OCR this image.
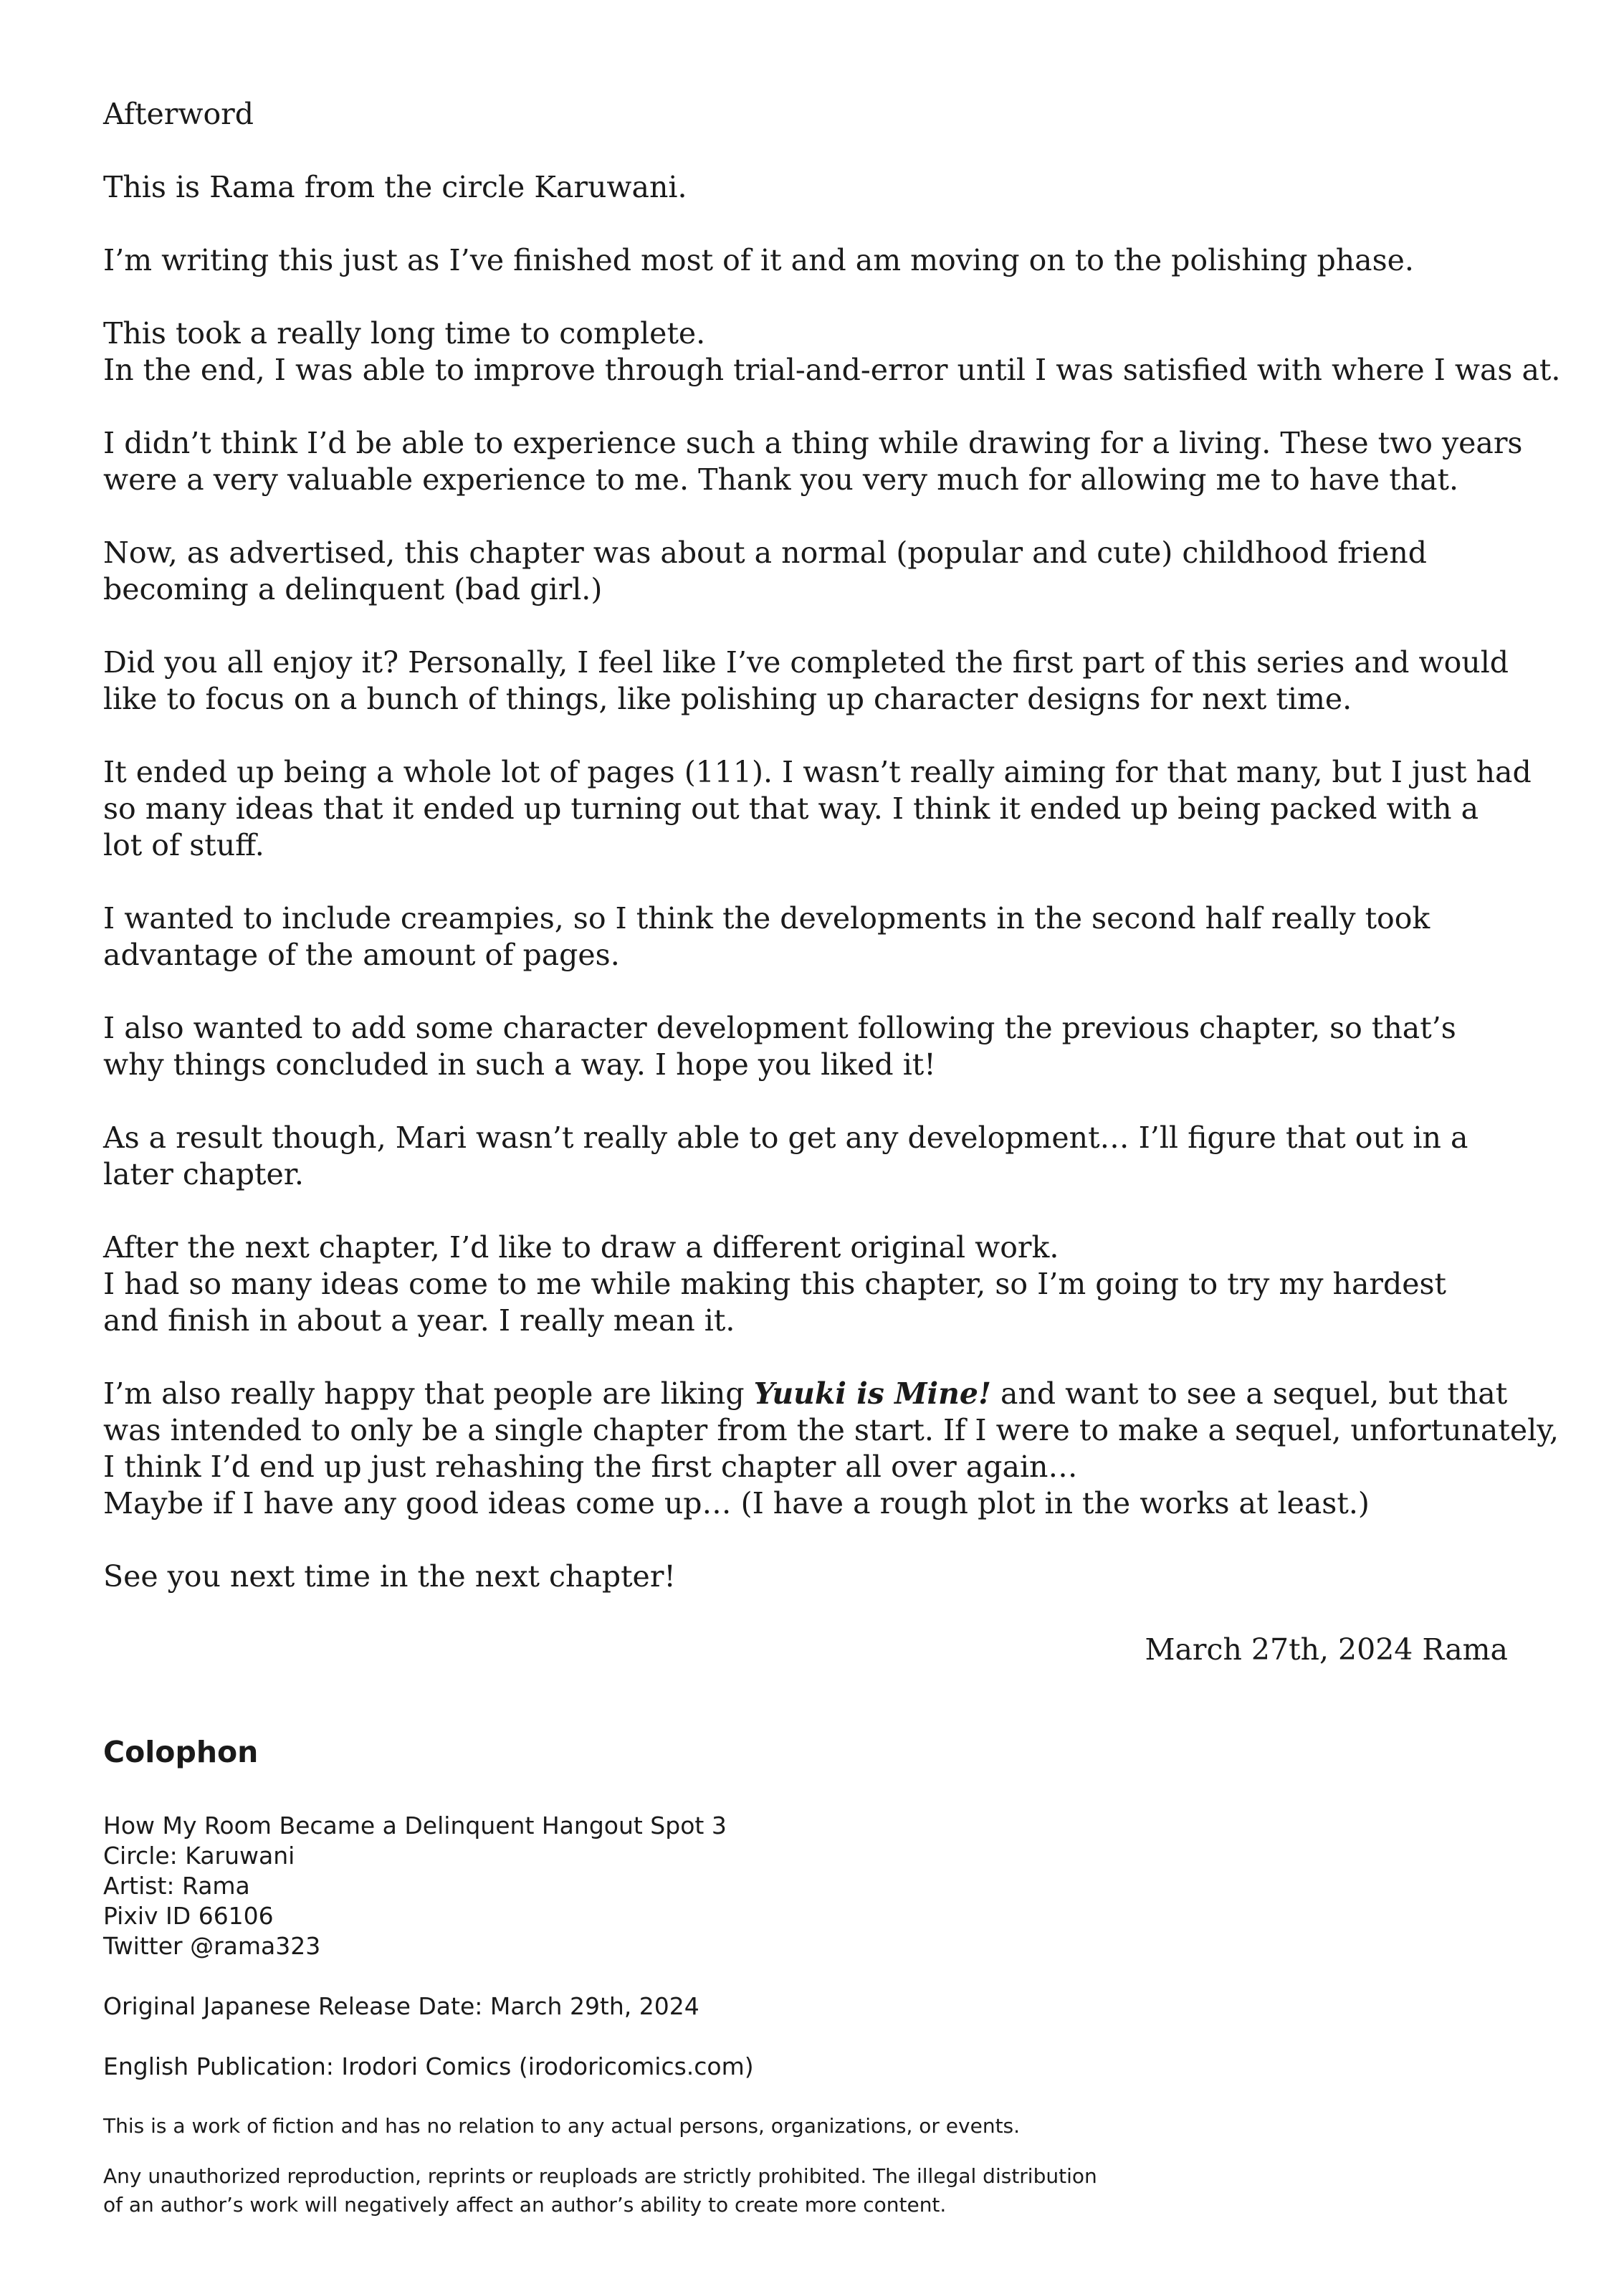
Afterword

This is Rama from the circle Karuwani.

I’m writing this just as I’ve finished most of it and am moving on to the polishing phase.

This took a really long time to complete.
In the end, I was able to improve through trial-and-error until I was satisfied with where I was at.

I didn’t think I’d be able to experience such a thing while drawing for a living. These two years
were a very valuable experience to me. Thank you very much for allowing me to have that.

Now, as advertised, this chapter was about a normal (popular and cute) childhood friend
becoming a delinquent (bad girl.)

Did you all enjoy it? Personally, I feel like I’ve completed the first part of this series and would
like to focus on a bunch of things, like polishing up character designs for next time.

It ended up being a whole lot of pages (111). I wasn’t really aiming for that many, but I just had
so many ideas that it ended up turning out that way. I think it ended up being packed with a
lot of stuff.

I wanted to include creampies, so I think the developments in the second half really took
advantage of the amount of pages.

I also wanted to add some character development following the previous chapter, so that’s
why things concluded in such a way. I hope you liked it!

As a result though, Mari wasn’t really able to get any development… I’ll figure that out in a
later chapter.

After the next chapter, I’d like to draw a different original work.
I had so many ideas come to me while making this chapter, so I’m going to try my hardest
and finish in about a year. I really mean it.

I’m also really happy that people are liking Yuuki is Mine! and want to see a sequel, but that
was intended to only be a single chapter from the start. If I were to make a sequel, unfortunately,
I think I’d end up just rehashing the first chapter all over again…
Maybe if I have any good ideas come up… (I have a rough plot in the works at least.)

See you next time in the next chapter!

March 27th, 2024 Rama

Colophon
How My Room Became a Delinquent Hangout Spot 3
Circle: Karuwani
Artist: Rama
Pixiv ID 66106
Twitter @rama323
Original Japanese Release Date: March 29th, 2024
English Publication: Irodori Comics (irodoricomics.com)
This is a work of fiction and has no relation to any actual persons, organizations, or events.
Any unauthorized reproduction, reprints or reuploads are strictly prohibited. The illegal distribution
of an author’s work will negatively affect an author’s ability to create more content.
